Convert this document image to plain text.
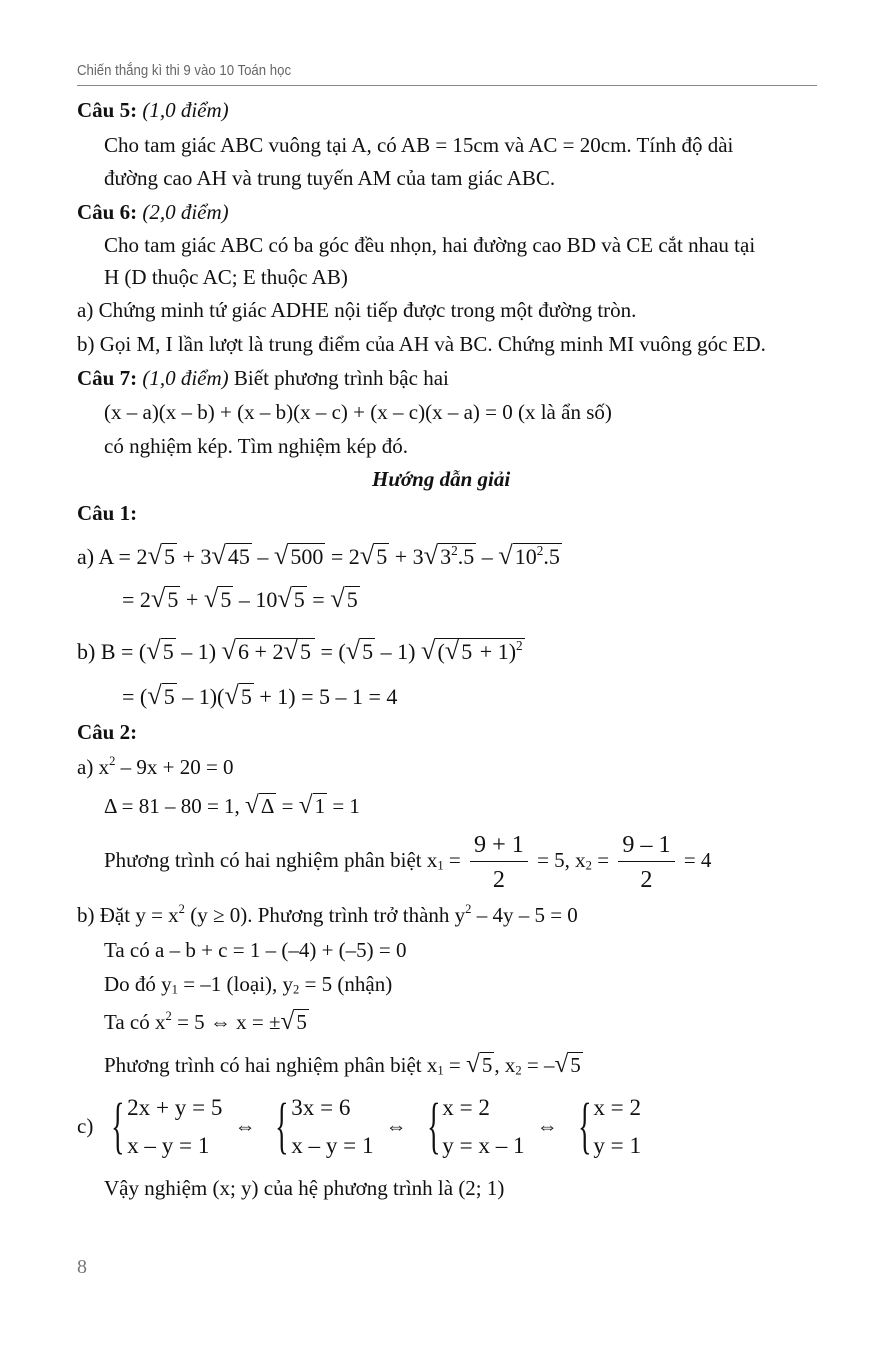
Chiến thắng kì thi 9 vào 10 Toán học
Câu 5: (1,0 điểm)
Cho tam giác ABC vuông tại A, có AB = 15cm và AC = 20cm. Tính độ dài
đường cao AH và trung tuyến AM của tam giác ABC.
Câu 6: (2,0 điểm)
Cho tam giác ABC có ba góc đều nhọn, hai đường cao BD và CE cắt nhau tại
H (D thuộc AC; E thuộc AB)
a) Chứng minh tứ giác ADHE nội tiếp được trong một đường tròn.
b) Gọi M, I lần lượt là trung điểm của AH và BC. Chứng minh MI vuông góc ED.
Câu 7: (1,0 điểm) Biết phương trình bậc hai
(x – a)(x – b) + (x – b)(x – c) + (x – c)(x – a) = 0 (x là ẩn số)
có nghiệm kép. Tìm nghiệm kép đó.
Hướng dẫn giải
Câu 1:
a) $A = 2√5 + 3√45 - √500 = 2√5 + 3√3^2.5 - √10^2.5$
= 2√5 + √5 – 10√5 = √5
b) B = (√5 – 1) √6 + 2√5 = (√5 – 1) $√(√5 + 1)^2$
= (√5 – 1)(√5 + 1) = 5 – 1 = 4
Câu 2:
a) $x^2 - 9x + 20 = 0$
Δ = 81 – 80 = 1, √Δ = √1 = 1
Phương trình có hai nghiệm phân biệt $x_1 = \frac{9 + 1}{2} = 5$, $x_2 = \frac{9 - 1}{2} = 4$
b) Đặt $y = x^2$ (y ≥ 0). Phương trình trở thành $y^2 - 4y - 5 = 0$
Ta có a – b + c = 1 – (–4) + (–5) = 0
Do đó $y_1 = -1$ (loại), $y_2 = 5$ (nhận)
Ta có $x^2 = 5$ ⇔ x = ±√5
Phương trình có hai nghiệm phân biệt $x_1 = √5$, $x_2 = -√5$
c) { 2x + y = 5
x – y = 1
⇔ { 3x = 6
x – y = 1
⇔ { x = 2
y = x – 1
⇔ { x = 2
y = 1
Vậy nghiệm (x; y) của hệ phương trình là (2; 1)
8
